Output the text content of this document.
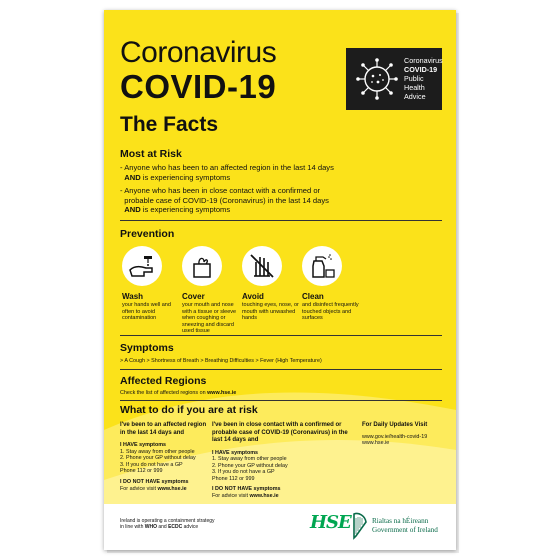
Coronavirus
COVID-19
The Facts
Coronavirus
COVID-19
Public Health
Advice
Most at Risk
- Anyone who has been to an affected region in the last 14 days
AND is experiencing symptoms
- Anyone who has been in close contact with a confirmed or
probable case of COVID-19 (Coronavirus) in the last 14 days
AND is experiencing symptoms
Prevention
Wash
your hands well and often to avoid contamination
Cover
your mouth and nose with a tissue or sleeve when coughing or sneezing and discard used tissue
Avoid
touching eyes, nose, or mouth with unwashed hands
Clean
and disinfect frequently touched objects and surfaces
Symptoms
> A Cough > Shortness of Breath > Breathing Difficulties > Fever (High Temperature)
Affected Regions
Check the list of affected regions on www.hse.ie
What to do if you are at risk
I've been to an affected region in the last 14 days and
I HAVE symptoms
1. Stay away from other people
2. Phone your GP without delay
3. If you do not have a GP
Phone 112 or 999
I DO NOT HAVE symptoms
For advice visit www.hse.ie
I've been in close contact with a confirmed or probable case of COVID-19 (Coronavirus) in the last 14 days and
I HAVE symptoms
1. Stay away from other people
2. Phone your GP without delay
3. If you do not have a GP
Phone 112 or 999
I DO NOT HAVE symptoms
For advice visit www.hse.ie
For Daily Updates Visit
www.gov.ie/health-covid-19
www.hse.ie
Ireland is operating a containment strategy
in line with WHO and ECDC advice	HSE	Rialtas na hÉireann
Government of Ireland
